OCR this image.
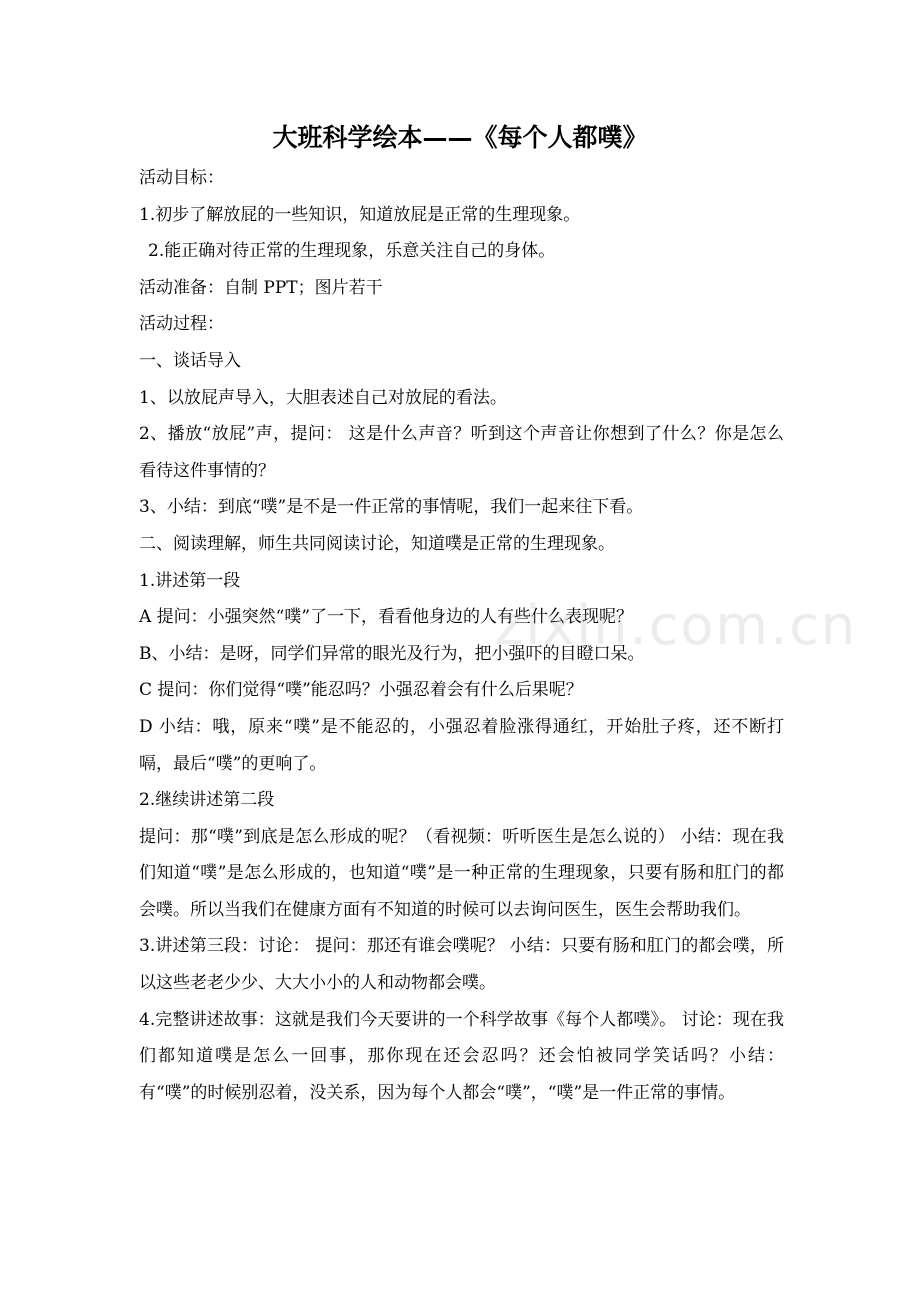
大班科学绘本——《每个人都噗》

活动目标：

1.初步了解放屁的一些知识，知道放屁是正常的生理现象。

2.能正确对待正常的生理现象，乐意关注自己的身体。

活动准备：自制 PPT；图片若干

活动过程：

一、谈话导入

1、以放屁声导入，大胆表述自己对放屁的看法。

2、播放“放屁”声，提问： 这是什么声音？听到这个声音让你想到了什么？你是怎么看待这件事情的？

3、小结：到底“噗”是不是一件正常的事情呢，我们一起来往下看。

二、阅读理解，师生共同阅读讨论，知道噗是正常的生理现象。

1.讲述第一段

A 提问：小强突然“噗”了一下，看看他身边的人有些什么表现呢？

B、小结：是呀，同学们异常的眼光及行为，把小强吓的目瞪口呆。

C 提问：你们觉得“噗”能忍吗？小强忍着会有什么后果呢？

D 小结：哦，原来“噗”是不能忍的，小强忍着脸涨得通红，开始肚子疼，还不断打嗝，最后“噗”的更响了。

2.继续讲述第二段

提问：那“噗”到底是怎么形成的呢？（看视频：听听医生是怎么说的） 小结：现在我们知道“噗”是怎么形成的，也知道“噗”是一种正常的生理现象，只要有肠和肛门的都会噗。所以当我们在健康方面有不知道的时候可以去询问医生，医生会帮助我们。

3.讲述第三段：讨论： 提问：那还有谁会噗呢？ 小结：只要有肠和肛门的都会噗，所以这些老老少少、大大小小的人和动物都会噗。

4.完整讲述故事：这就是我们今天要讲的一个科学故事《每个人都噗》。 讨论：现在我们都知道噗是怎么一回事，那你现在还会忍吗？还会怕被同学笑话吗？小结：有“噗”的时候别忍着，没关系，因为每个人都会“噗”，“噗”是一件正常的事情。

zixin.com.cn
